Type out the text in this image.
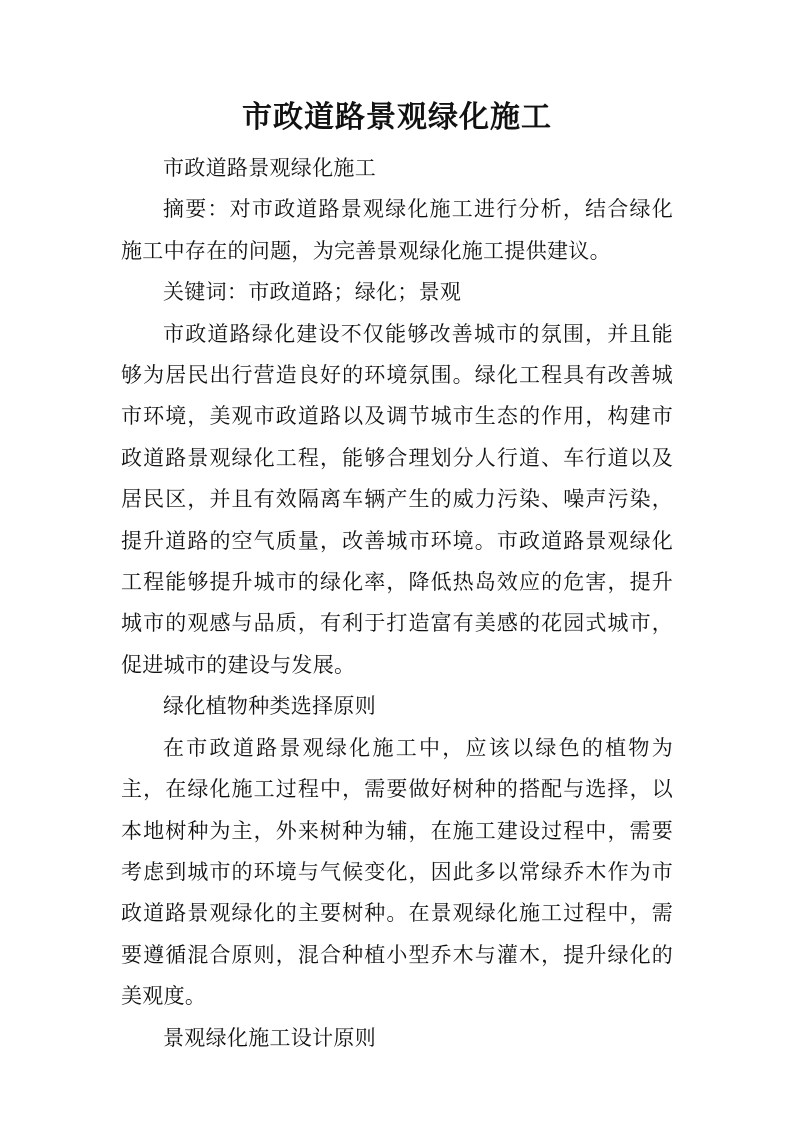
市政道路景观绿化施工

市政道路景观绿化施工

摘要：对市政道路景观绿化施工进行分析，结合绿化施工中存在的问题，为完善景观绿化施工提供建议。

关键词：市政道路；绿化；景观

市政道路绿化建设不仅能够改善城市的氛围，并且能够为居民出行营造良好的环境氛围。绿化工程具有改善城市环境，美观市政道路以及调节城市生态的作用，构建市政道路景观绿化工程，能够合理划分人行道、车行道以及居民区，并且有效隔离车辆产生的威力污染、噪声污染，提升道路的空气质量，改善城市环境。市政道路景观绿化工程能够提升城市的绿化率，降低热岛效应的危害，提升城市的观感与品质，有利于打造富有美感的花园式城市，促进城市的建设与发展。

绿化植物种类选择原则

在市政道路景观绿化施工中，应该以绿色的植物为主，在绿化施工过程中，需要做好树种的搭配与选择，以本地树种为主，外来树种为辅，在施工建设过程中，需要考虑到城市的环境与气候变化，因此多以常绿乔木作为市政道路景观绿化的主要树种。在景观绿化施工过程中，需要遵循混合原则，混合种植小型乔木与灌木，提升绿化的美观度。

景观绿化施工设计原则
